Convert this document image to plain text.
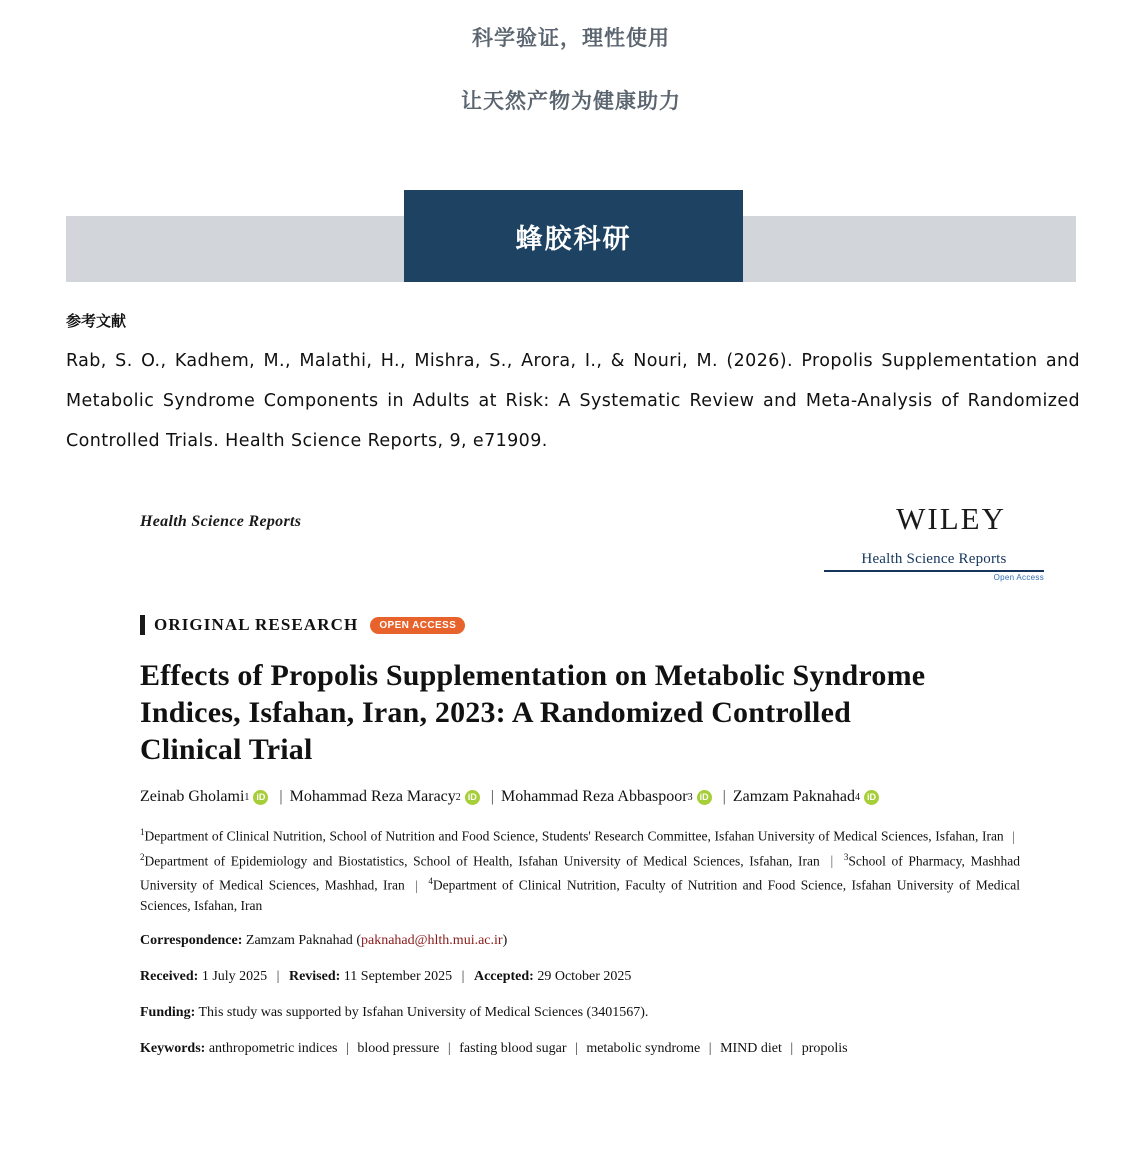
科学验证，理性使用
让天然产物为健康助力
蜂胶科研
参考文献
Rab, S. O., Kadhem, M., Malathi, H., Mishra, S., Arora, I., & Nouri, M. (2026). Propolis Supplementation and Metabolic Syndrome Components in Adults at Risk: A Systematic Review and Meta-Analysis of Randomized Controlled Trials. Health Science Reports, 9, e71909.
Health Science Reports	WILEY
Health Science Reports
Open Access
ORIGINAL RESEARCH	OPEN ACCESS
Effects of Propolis Supplementation on Metabolic Syndrome Indices, Isfahan, Iran, 2023: A Randomized Controlled Clinical Trial
Zeinab Gholami 1 iD | Mohammad Reza Maracy 2 iD | Mohammad Reza Abbaspoor 3 iD | Zamzam Paknahad 4 iD
$^1$Department of Clinical Nutrition, School of Nutrition and Food Science, Students' Research Committee, Isfahan University of Medical Sciences, Isfahan, Iran | $^2$Department of Epidemiology and Biostatistics, School of Health, Isfahan University of Medical Sciences, Isfahan, Iran | $^3$School of Pharmacy, Mashhad University of Medical Sciences, Mashhad, Iran | $^4$Department of Clinical Nutrition, Faculty of Nutrition and Food Science, Isfahan University of Medical Sciences, Isfahan, Iran
Correspondence: Zamzam Paknahad (paknahad@hlth.mui.ac.ir)
Received: 1 July 2025 | Revised: 11 September 2025 | Accepted: 29 October 2025
Funding: This study was supported by Isfahan University of Medical Sciences (3401567).
Keywords: anthropometric indices | blood pressure | fasting blood sugar | metabolic syndrome | MIND diet | propolis
